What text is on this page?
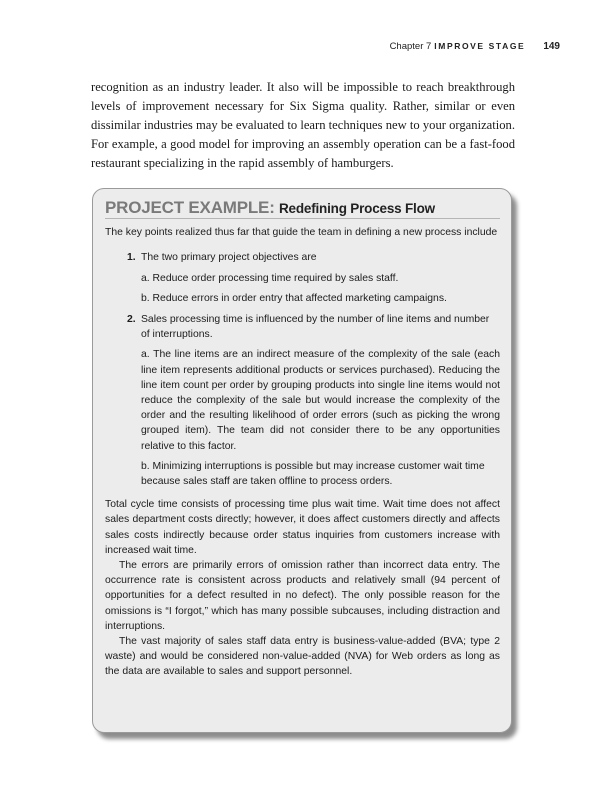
Chapter 7 IMPROVE STAGE 149

recognition as an industry leader. It also will be impossible to reach breakthrough levels of improvement necessary for Six Sigma quality. Rather, similar or even dissimilar industries may be evaluated to learn techniques new to your organization. For example, a good model for improving an assembly operation can be a fast-food restaurant specializing in the rapid assembly of hamburgers.

PROJECT EXAMPLE: Redefining Process Flow

The key points realized thus far that guide the team in defining a new process include

1. The two primary project objectives are
a. Reduce order processing time required by sales staff.
b. Reduce errors in order entry that affected marketing campaigns.
2. Sales processing time is influenced by the number of line items and number of interruptions.
a. The line items are an indirect measure of the complexity of the sale (each line item represents additional products or services purchased). Reducing the line item count per order by grouping products into single line items would not reduce the complexity of the sale but would increase the complexity of the order and the resulting likelihood of order errors (such as picking the wrong grouped item). The team did not consider there to be any opportunities relative to this factor.
b. Minimizing interruptions is possible but may increase customer wait time because sales staff are taken offline to process orders.

Total cycle time consists of processing time plus wait time. Wait time does not affect sales department costs directly; however, it does affect customers directly and affects sales costs indirectly because order status inquiries from customers increase with increased wait time.

The errors are primarily errors of omission rather than incorrect data entry. The occurrence rate is consistent across products and relatively small (94 percent of opportunities for a defect resulted in no defect). The only possible reason for the omissions is “I forgot,” which has many possible subcauses, including distraction and interruptions.

The vast majority of sales staff data entry is business-value-added (BVA; type 2 waste) and would be considered non-value-added (NVA) for Web orders as long as the data are available to sales and support personnel.
